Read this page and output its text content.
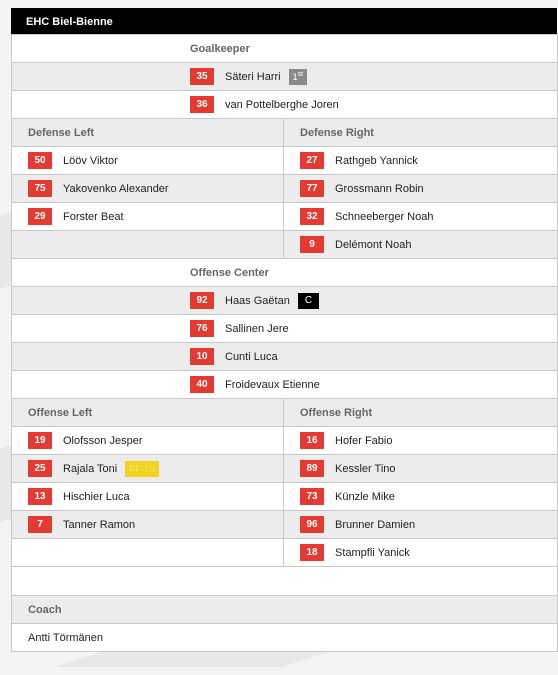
EHC Biel-Bienne
Goalkeeper	

35 Säteri Harri 1st

36 van Pottelberghe Joren	

Defense Left	Defense Right

50 Lööv Viktor	27 Rathgeb Yannick

75 Yakovenko Alexander	77 Grossmann Robin

29 Forster Beat	32 Schneeberger Noah

	9 Delémont Noah

Offense Center	

92 Haas Gaëtan C	

76 Sallinen Jere	

10 Cunti Luca	

40 Froidevaux Etienne	

Offense Left	Offense Right

19 Olofsson Jesper	16 Hofer Fabio

25 Rajala Toni PF-TS	89 Kessler Tino

13 Hischier Luca	73 Künzle Mike

7 Tanner Ramon	96 Brunner Damien

	18 Stampfli Yanick

Coach	

Antti Törmänen	
